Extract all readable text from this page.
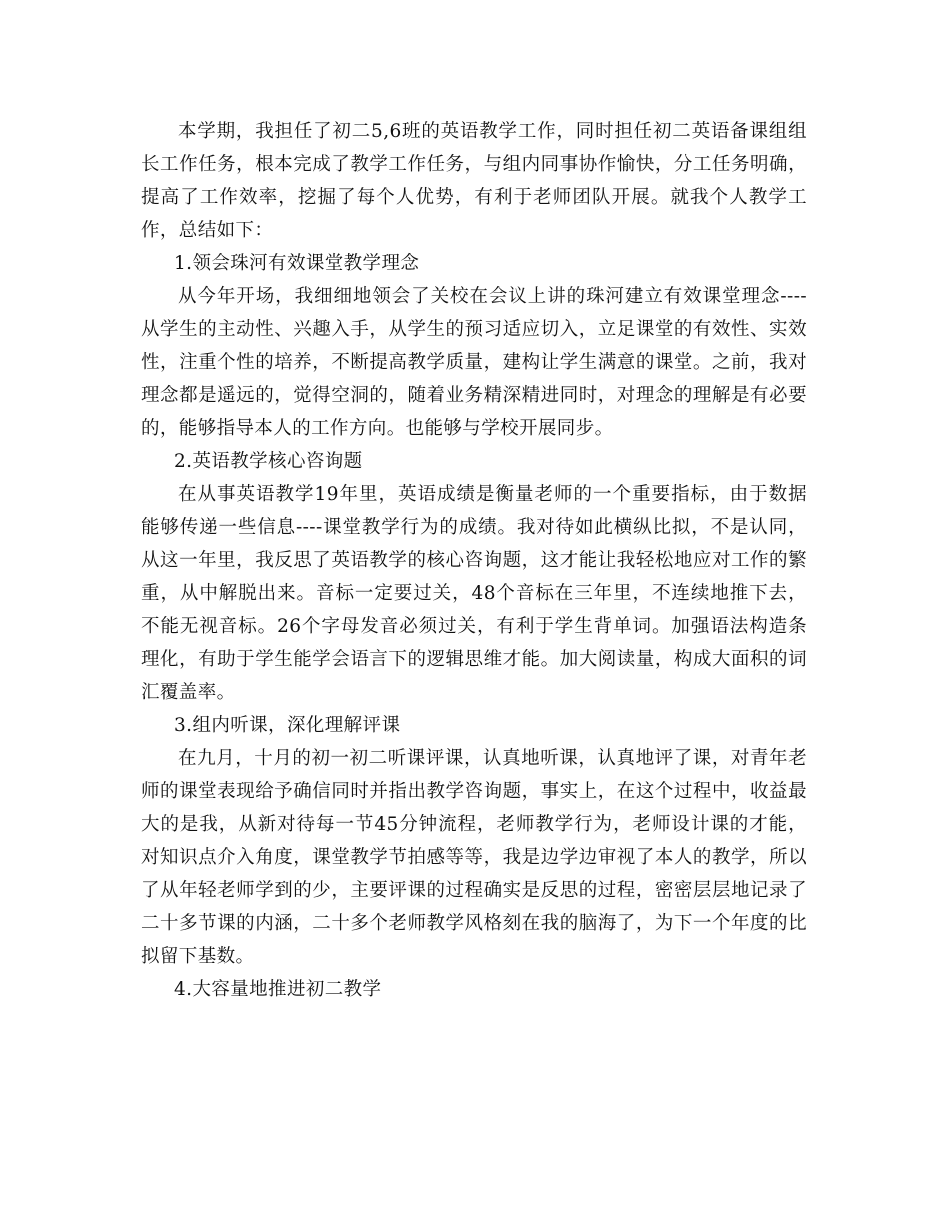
本学期，我担任了初二5,6班的英语教学工作，同时担任初二英语备课组组长工作任务，根本完成了教学工作任务，与组内同事协作愉快，分工任务明确，提高了工作效率，挖掘了每个人优势，有利于老师团队开展。就我个人教学工作，总结如下：

1.领会珠河有效课堂教学理念

从今年开场，我细细地领会了关校在会议上讲的珠河建立有效课堂理念----从学生的主动性、兴趣入手，从学生的预习适应切入，立足课堂的有效性、实效性，注重个性的培养，不断提高教学质量，建构让学生满意的课堂。之前，我对理念都是遥远的，觉得空洞的，随着业务精深精进同时，对理念的理解是有必要的，能够指导本人的工作方向。也能够与学校开展同步。

2.英语教学核心咨询题

在从事英语教学19年里，英语成绩是衡量老师的一个重要指标，由于数据能够传递一些信息----课堂教学行为的成绩。我对待如此横纵比拟，不是认同，从这一年里，我反思了英语教学的核心咨询题，这才能让我轻松地应对工作的繁重，从中解脱出来。音标一定要过关，48个音标在三年里，不连续地推下去，不能无视音标。26个字母发音必须过关，有利于学生背单词。加强语法构造条理化，有助于学生能学会语言下的逻辑思维才能。加大阅读量，构成大面积的词汇覆盖率。

3.组内听课，深化理解评课

在九月，十月的初一初二听课评课，认真地听课，认真地评了课，对青年老师的课堂表现给予确信同时并指出教学咨询题，事实上，在这个过程中，收益最大的是我，从新对待每一节45分钟流程，老师教学行为，老师设计课的才能，对知识点介入角度，课堂教学节拍感等等，我是边学边审视了本人的教学，所以了从年轻老师学到的少，主要评课的过程确实是反思的过程，密密层层地记录了二十多节课的内涵，二十多个老师教学风格刻在我的脑海了，为下一个年度的比拟留下基数。

4.大容量地推进初二教学
